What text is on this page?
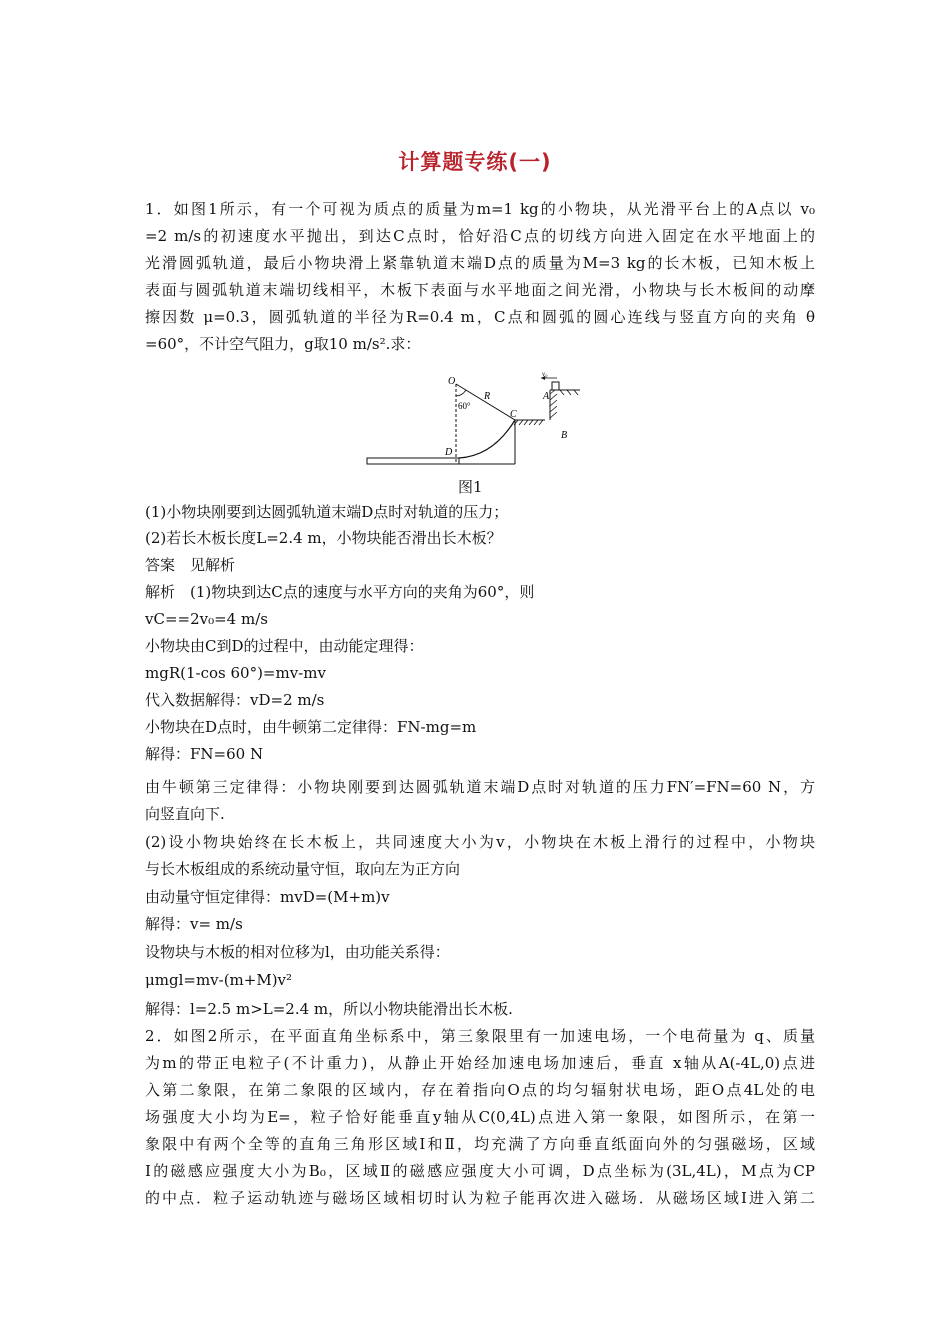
计算题专练(一)
1．如图1所示，有一个可视为质点的质量为m=1 kg的小物块，从光滑平台上的A点以 v₀
=2 m/s的初速度水平抛出，到达C点时，恰好沿C点的切线方向进入固定在水平地面上的
光滑圆弧轨道，最后小物块滑上紧靠轨道末端D点的质量为M=3 kg的长木板，已知木板上
表面与圆弧轨道末端切线相平，木板下表面与水平地面之间光滑，小物块与长木板间的动摩
擦因数 μ=0.3，圆弧轨道的半径为R=0.4 m，C点和圆弧的圆心连线与竖直方向的夹角 θ
=60°，不计空气阻力，g取10 m/s².求：
O
R
60°
C
D
A
B
v₀
图1
(1)小物块刚要到达圆弧轨道末端D点时对轨道的压力；
(2)若长木板长度L=2.4 m，小物块能否滑出长木板？
答案　见解析
解析　(1)物块到达C点的速度与水平方向的夹角为60°，则
vC==2v₀=4 m/s
小物块由C到D的过程中，由动能定理得：
mgR(1-cos 60°)=mv-mv
代入数据解得：vD=2 m/s
小物块在D点时，由牛顿第二定律得：FN-mg=m
解得：FN=60 N
由牛顿第三定律得：小物块刚要到达圆弧轨道末端D点时对轨道的压力FN′=FN=60 N，方
向竖直向下.
(2)设小物块始终在长木板上，共同速度大小为v，小物块在木板上滑行的过程中，小物块
与长木板组成的系统动量守恒，取向左为正方向
由动量守恒定律得：mvD=(M+m)v
解得：v= m/s
设物块与木板的相对位移为l，由功能关系得：
μmgl=mv-(m+M)v²
解得：l=2.5 m>L=2.4 m，所以小物块能滑出长木板.
2．如图2所示，在平面直角坐标系中，第三象限里有一加速电场，一个电荷量为 q、质量
为m的带正电粒子(不计重力)，从静止开始经加速电场加速后，垂直 x轴从A(-4L,0)点进
入第二象限，在第二象限的区域内，存在着指向O点的均匀辐射状电场，距O点4L处的电
场强度大小均为E=，粒子恰好能垂直y轴从C(0,4L)点进入第一象限，如图所示，在第一
象限中有两个全等的直角三角形区域Ⅰ和Ⅱ，均充满了方向垂直纸面向外的匀强磁场，区域
Ⅰ的磁感应强度大小为B₀，区域Ⅱ的磁感应强度大小可调，D点坐标为(3L,4L)，M点为CP
的中点．粒子运动轨迹与磁场区域相切时认为粒子能再次进入磁场．从磁场区域Ⅰ进入第二
